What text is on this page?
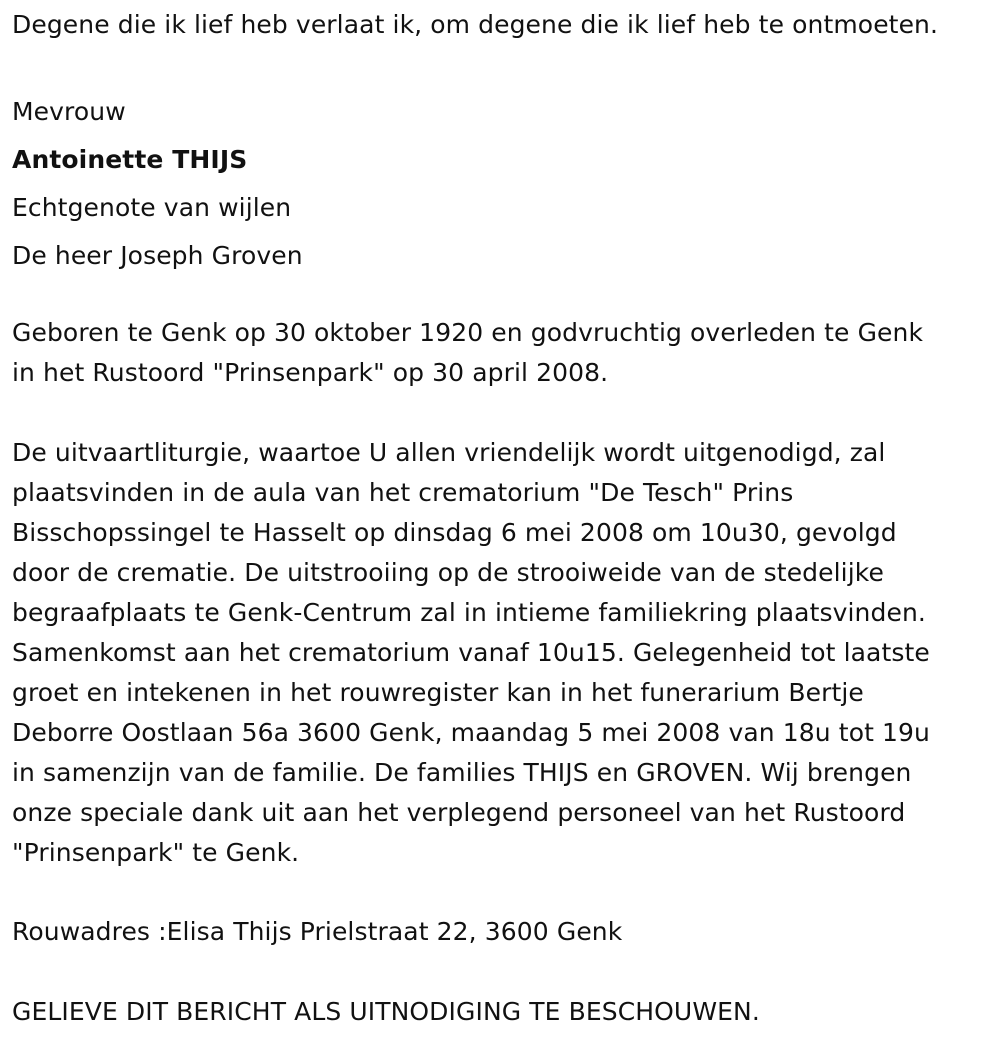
Degene die ik lief heb verlaat ik, om degene die ik lief heb te ontmoeten.

Mevrouw

Antoinette THIJS

Echtgenote van wijlen

De heer Joseph Groven

Geboren te Genk op 30 oktober 1920 en godvruchtig overleden te Genk

in het Rustoord "Prinsenpark" op 30 april 2008.

De uitvaartliturgie, waartoe U allen vriendelijk wordt uitgenodigd, zal

plaatsvinden in de aula van het crematorium "De Tesch" Prins

Bisschopssingel te Hasselt op dinsdag 6 mei 2008 om 10u30, gevolgd

door de crematie. De uitstrooiing op de strooiweide van de stedelijke

begraafplaats te Genk-Centrum zal in intieme familiekring plaatsvinden.

Samenkomst aan het crematorium vanaf 10u15. Gelegenheid tot laatste

groet en intekenen in het rouwregister kan in het funerarium Bertje

Deborre Oostlaan 56a 3600 Genk, maandag 5 mei 2008 van 18u tot 19u

in samenzijn van de familie. De families THIJS en GROVEN. Wij brengen

onze speciale dank uit aan het verplegend personeel van het Rustoord

"Prinsenpark" te Genk.

Rouwadres :Elisa Thijs Prielstraat 22, 3600 Genk

GELIEVE DIT BERICHT ALS UITNODIGING TE BESCHOUWEN.
